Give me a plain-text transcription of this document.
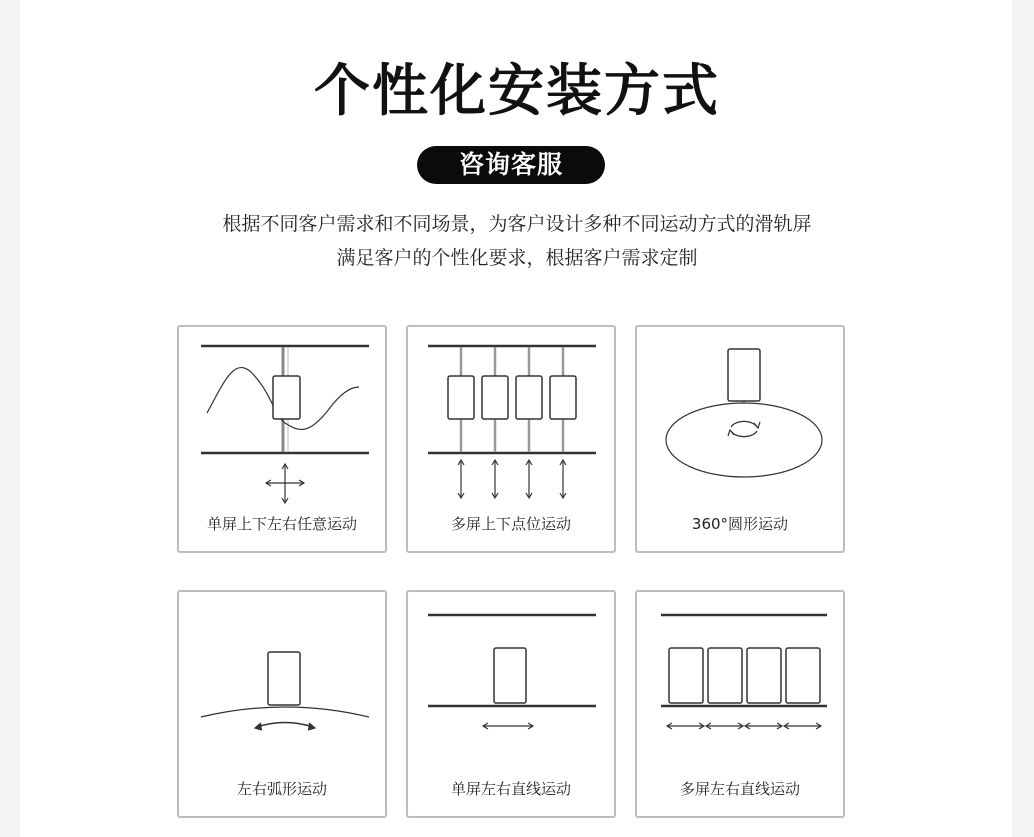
个性化安装方式
咨询客服
根据不同客户需求和不同场景，为客户设计多种不同运动方式的滑轨屏
满足客户的个性化要求，根据客户需求定制
单屏上下左右任意运动	多屏上下点位运动	360°圆形运动
左右弧形运动	单屏左右直线运动	多屏左右直线运动
